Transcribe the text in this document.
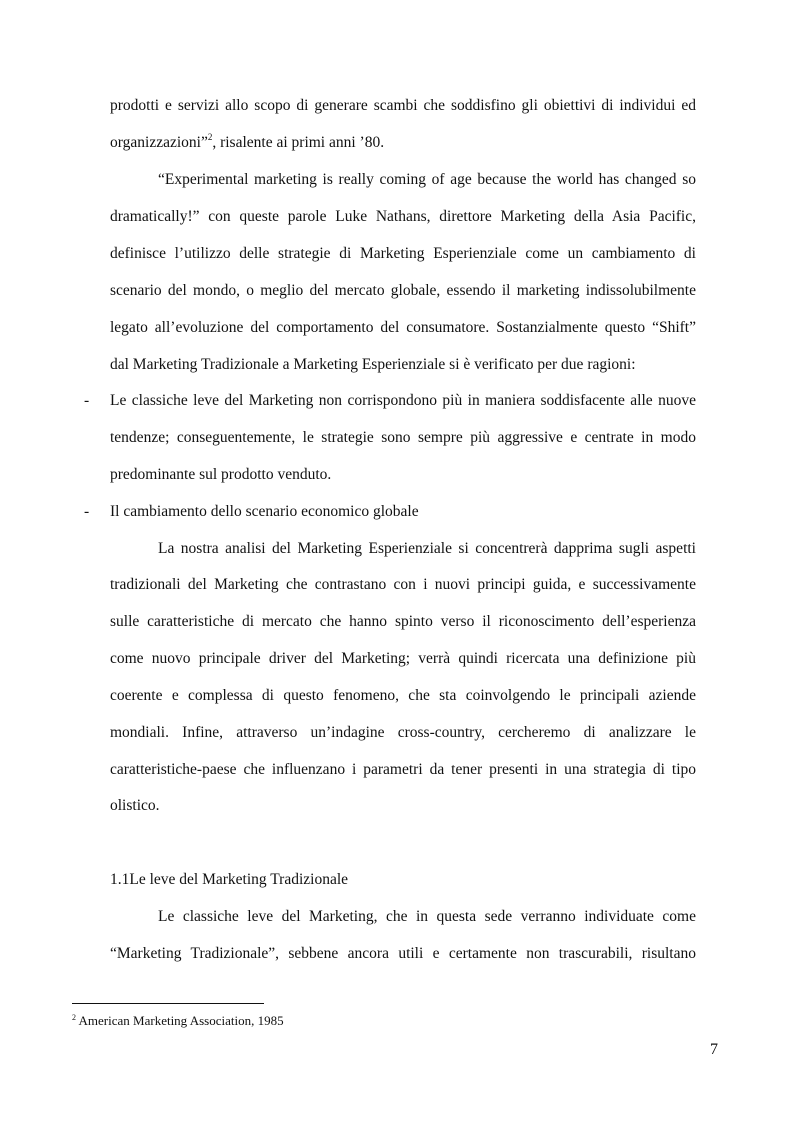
prodotti e servizi allo scopo di generare scambi che soddisfino gli obiettivi di individui ed
organizzazioni”$^2$, risalente ai primi anni ’80.
“Experimental marketing is really coming of age because the world has changed so
dramatically!” con queste parole Luke Nathans, direttore Marketing della Asia Pacific,
definisce l’utilizzo delle strategie di Marketing Esperienziale come un cambiamento di
scenario del mondo, o meglio del mercato globale, essendo il marketing indissolubilmente
legato all’evoluzione del comportamento del consumatore. Sostanzialmente questo “Shift”
dal Marketing Tradizionale a Marketing Esperienziale si è verificato per due ragioni:
- Le classiche leve del Marketing non corrispondono più in maniera soddisfacente alle nuove
tendenze; conseguentemente, le strategie sono sempre più aggressive e centrate in modo
predominante sul prodotto venduto.
- Il cambiamento dello scenario economico globale
La nostra analisi del Marketing Esperienziale si concentrerà dapprima sugli aspetti
tradizionali del Marketing che contrastano con i nuovi principi guida, e successivamente
sulle caratteristiche di mercato che hanno spinto verso il riconoscimento dell’esperienza
come nuovo principale driver del Marketing; verrà quindi ricercata una definizione più
coerente e complessa di questo fenomeno, che sta coinvolgendo le principali aziende
mondiali. Infine, attraverso un’indagine cross-country, cercheremo di analizzare le
caratteristiche-paese che influenzano i parametri da tener presenti in una strategia di tipo
olistico.
1.1Le leve del Marketing Tradizionale
Le classiche leve del Marketing, che in questa sede verranno individuate come
“Marketing Tradizionale”, sebbene ancora utili e certamente non trascurabili, risultano
$^2$ American Marketing Association, 1985
7
